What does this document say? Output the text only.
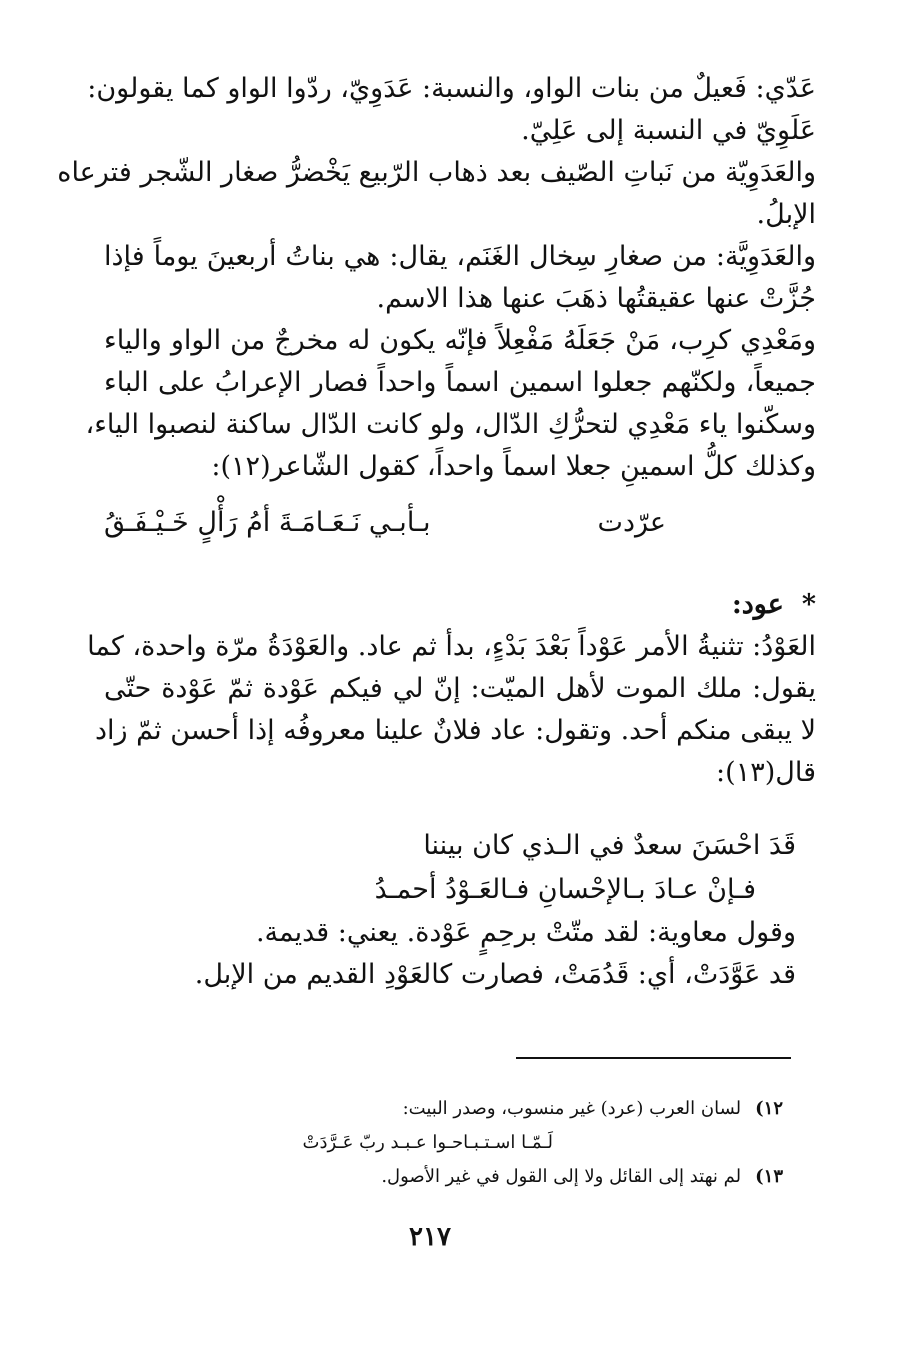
عَدّي: فَعيلٌ من بنات الواو، والنسبة: عَدَوِيّ، ردّوا الواو كما يقولون:
عَلَوِيّ في النسبة إلى عَلِيّ.
والعَدَوِيّة من نَباتِ الصّيف بعد ذهاب الرّبيع يَخْضرُّ صغار الشّجر فترعاه
الإبلُ.
والعَدَوِيَّة: من صغارِ سِخال الغَنَم، يقال: هي بناتُ أربعينَ يوماً فإذا
جُزَّتْ عنها عقيقتُها ذهَبَ عنها هذا الاسم.
ومَعْدِي كرِب، مَنْ جَعَلَهُ مَفْعِلاً فإنّه يكون له مخرجٌ من الواو والياء
جميعاً، ولكنّهم جعلوا اسمين اسماً واحداً فصار الإعرابُ على الباء
وسكّنوا ياء مَعْدِي لتحرُّكِ الدّال، ولو كانت الدّال ساكنة لنصبوا الياء،
وكذلك كلُّ اسمينِ جعلا اسماً واحداً، كقول الشّاعر(١٢):
عرّدت
بـأبـي نَـعَـامَـةَ أمُ رَأْلٍ خَـيْـفَـقُ
*عود:
العَوْدُ: تثنيةُ الأمر عَوْداً بَعْدَ بَدْءٍ، بدأ ثم عاد. والعَوْدَةُ مرّة واحدة، كما
يقول: ملك الموت لأهل الميّت: إنّ لي فيكم عَوْدة ثمّ عَوْدة حتّى
لا يبقى منكم أحد. وتقول: عاد فلانٌ علينا معروفُه إذا أحسن ثمّ زاد
قال(١٣):
قَدَ احْسَنَ سعدٌ في الـذي كان بيننا
فـإنْ عـادَ بـالإحْسانِ فـالعَـوْدُ أحمـدُ
وقول معاوية: لقد متّتْ برحِمٍ عَوْدة. يعني: قديمة.
قد عَوَّدَتْ، أي: قَدُمَتْ، فصارت كالعَوْدِ القديم من الإبل.
١٢)لسان العرب (عرد) غير منسوب، وصدر البيت:
لَـمّـا اسـتـبـاحـوا عـبـد ربّ عَـرَّدَتْ
١٣)لم نهتد إلى القائل ولا إلى القول في غير الأصول.
٢١٧
